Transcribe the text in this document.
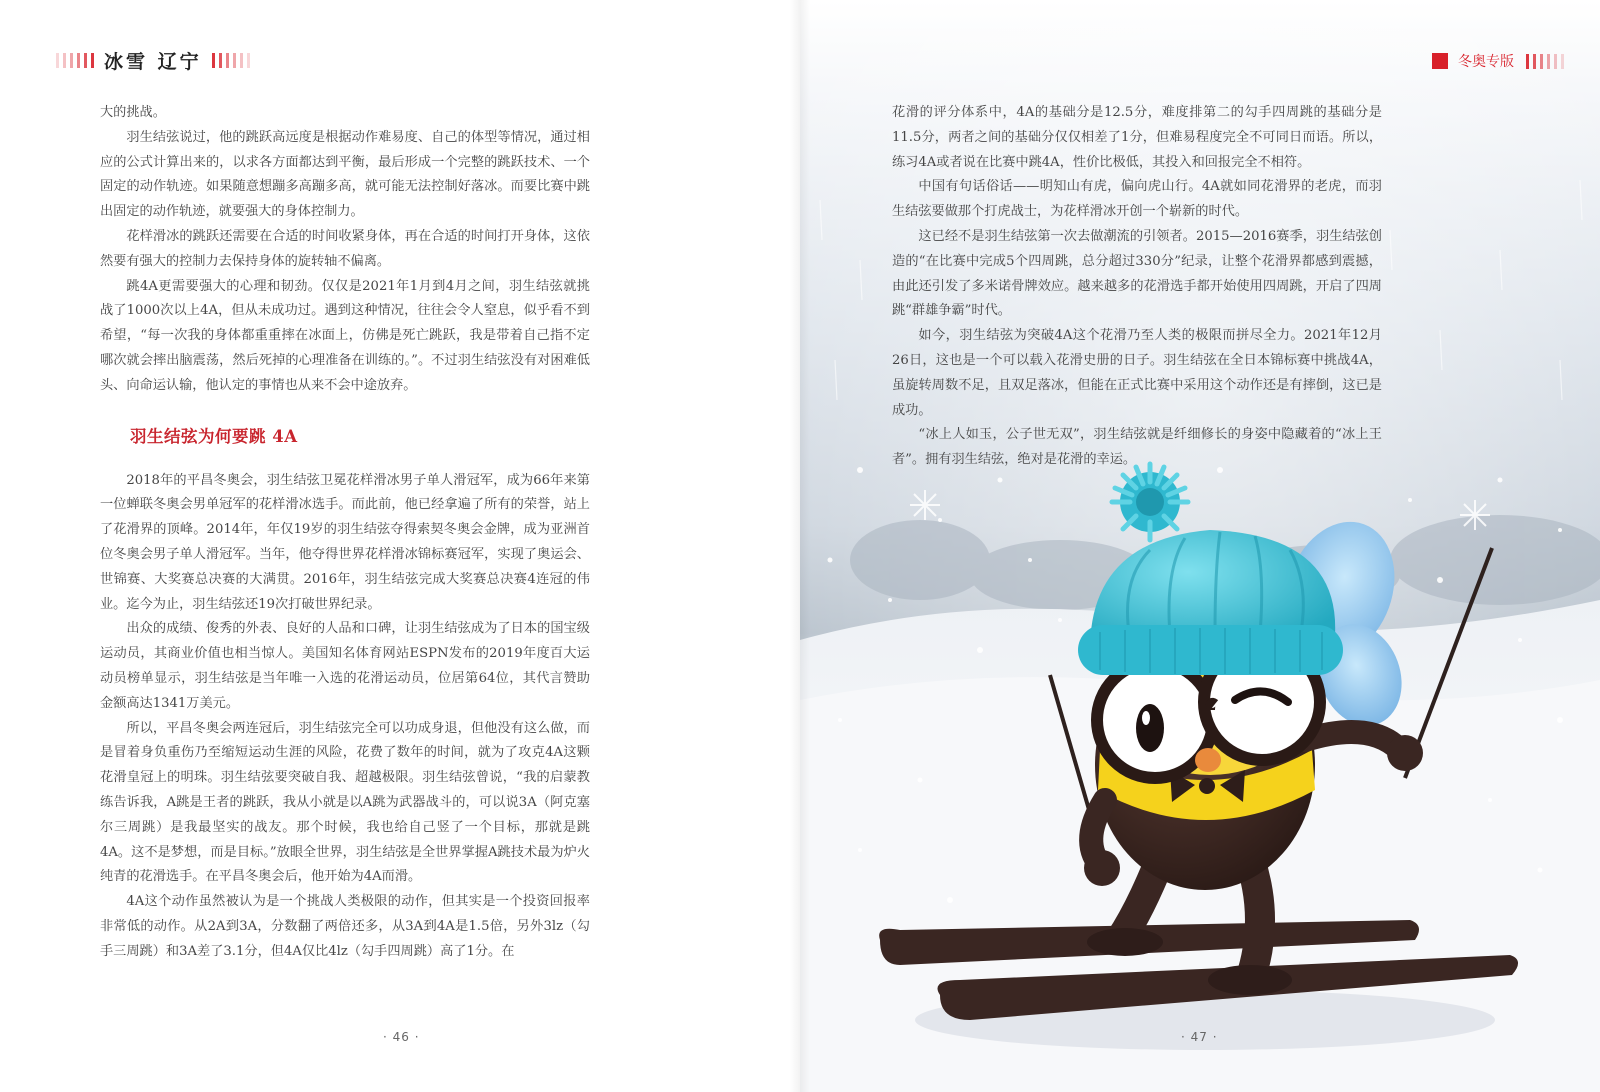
冰雪 辽宁

大的挑战。

羽生结弦说过，他的跳跃高远度是根据动作难易度、自己的体型等情况，通过相应的公式计算出来的，以求各方面都达到平衡，最后形成一个完整的跳跃技术、一个固定的动作轨迹。如果随意想蹦多高蹦多高，就可能无法控制好落冰。而要比赛中跳出固定的动作轨迹，就要强大的身体控制力。

花样滑冰的跳跃还需要在合适的时间收紧身体，再在合适的时间打开身体，这依然要有强大的控制力去保持身体的旋转轴不偏离。

跳4A更需要强大的心理和韧劲。仅仅是2021年1月到4月之间，羽生结弦就挑战了1000次以上4A，但从未成功过。遇到这种情况，往往会令人窒息，似乎看不到希望，“每一次我的身体都重重摔在冰面上，仿佛是死亡跳跃，我是带着自己指不定哪次就会摔出脑震荡，然后死掉的心理准备在训练的。”。不过羽生结弦没有对困难低头、向命运认输，他认定的事情也从来不会中途放弃。

羽生结弦为何要跳 4A

2018年的平昌冬奥会，羽生结弦卫冕花样滑冰男子单人滑冠军，成为66年来第一位蝉联冬奥会男单冠军的花样滑冰选手。而此前，他已经拿遍了所有的荣誉，站上了花滑界的顶峰。2014年，年仅19岁的羽生结弦夺得索契冬奥会金牌，成为亚洲首位冬奥会男子单人滑冠军。当年，他夺得世界花样滑冰锦标赛冠军，实现了奥运会、世锦赛、大奖赛总决赛的大满贯。2016年，羽生结弦完成大奖赛总决赛4连冠的伟业。迄今为止，羽生结弦还19次打破世界纪录。

出众的成绩、俊秀的外表、良好的人品和口碑，让羽生结弦成为了日本的国宝级运动员，其商业价值也相当惊人。美国知名体育网站ESPN发布的2019年度百大运动员榜单显示，羽生结弦是当年唯一入选的花滑运动员，位居第64位，其代言赞助金额高达1341万美元。

所以，平昌冬奥会两连冠后，羽生结弦完全可以功成身退，但他没有这么做，而是冒着身负重伤乃至缩短运动生涯的风险，花费了数年的时间，就为了攻克4A这颗花滑皇冠上的明珠。羽生结弦要突破自我、超越极限。羽生结弦曾说，“我的启蒙教练告诉我，A跳是王者的跳跃，我从小就是以A跳为武器战斗的，可以说3A（阿克塞尔三周跳）是我最坚实的战友。那个时候，我也给自己竖了一个目标，那就是跳4A。这不是梦想，而是目标。”放眼全世界，羽生结弦是全世界掌握A跳技术最为炉火纯青的花滑选手。在平昌冬奥会后，他开始为4A而滑。

4A这个动作虽然被认为是一个挑战人类极限的动作，但其实是一个投资回报率非常低的动作。从2A到3A，分数翻了两倍还多，从3A到4A是1.5倍，另外3lz（勾手三周跳）和3A差了3.1分，但4A仅比4lz（勾手四周跳）高了1分。在

· 46 ·
冬奥专版

花滑的评分体系中，4A的基础分是12.5分，难度排第二的勾手四周跳的基础分是11.5分，两者之间的基础分仅仅相差了1分，但难易程度完全不可同日而语。所以，练习4A或者说在比赛中跳4A，性价比极低，其投入和回报完全不相符。

中国有句话俗话——明知山有虎，偏向虎山行。4A就如同花滑界的老虎，而羽生结弦要做那个打虎战士，为花样滑冰开创一个崭新的时代。

这已经不是羽生结弦第一次去做潮流的引领者。2015—2016赛季，羽生结弦创造的“在比赛中完成5个四周跳，总分超过330分”纪录，让整个花滑界都感到震撼，由此还引发了多米诺骨牌效应。越来越多的花滑选手都开始使用四周跳，开启了四周跳“群雄争霸”时代。

如今，羽生结弦为突破4A这个花滑乃至人类的极限而拼尽全力。2021年12月26日，这也是一个可以载入花滑史册的日子。羽生结弦在全日本锦标赛中挑战4A，虽旋转周数不足，且双足落冰，但能在正式比赛中采用这个动作还是有摔倒，这已是成功。

“冰上人如玉，公子世无双”，羽生结弦就是纤细修长的身姿中隐藏着的“冰上王者”。拥有羽生结弦，绝对是花滑的幸运。

· 47 ·
